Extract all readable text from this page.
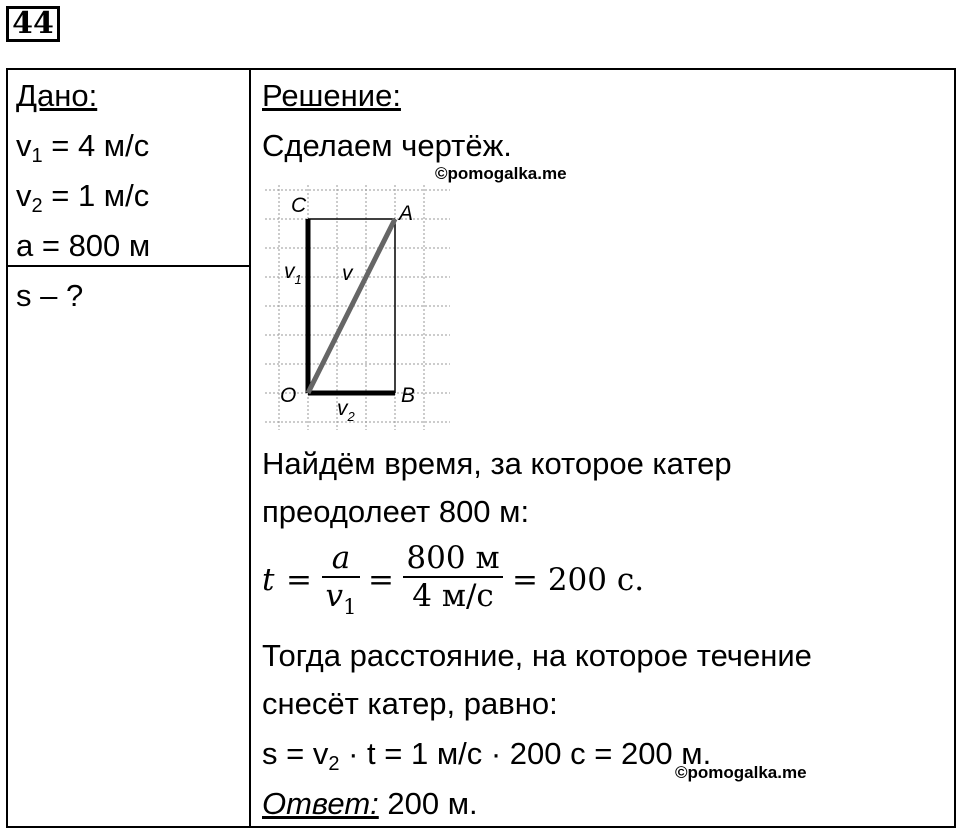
44
Дано:
$v_1 = 4$ м/с
$v_2 = 1$ м/с
a = 800 м
s – ?
Решение:
Сделаем чертёж.
©pomogalka.me
C	A
O	B
$v_1$ v
$v_2$
Найдём время, за которое катер
преодолеет 800 м:
t =
a
$v_1$
=
800 м
4 м/с = 200 с.
Тогда расстояние, на которое течение
снесёт катер, равно:
$s = v_2 \cdot t = 1$ м/с · 200 с = 200 м.
©pomogalka.me
Ответ: 200 м.
